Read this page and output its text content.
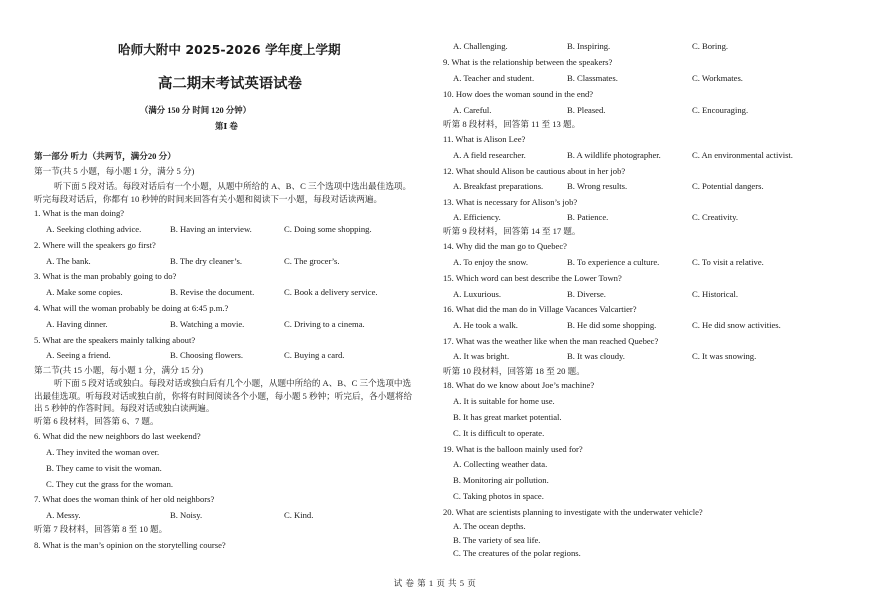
哈师大附中 2025-2026 学年度上学期
高二期末考试英语试卷
（满分 150 分 时间 120 分钟）
第Ⅰ 卷
第一部分 听力（共两节，满分20 分）
第一节(共 5 小题，每小题 1 分，满分 5 分)
听下面 5 段对话。每段对话后有一个小题，从题中所给的 A、B、C 三个选项中选出最佳选项。
听完每段对话后，你都有 10 秒钟的时间来回答有关小题和阅读下一小题，每段对话读两遍。
1. What is the man doing?
A. Seeking clothing advice.	B. Having an interview.	C. Doing some shopping.
2. Where will the speakers go first?
A. The bank.	B. The dry cleaner’s.	C. The grocer’s.
3. What is the man probably going to do?
A. Make some copies.	B. Revise the document.	C. Book a delivery service.
4. What will the woman probably be doing at 6:45 p.m.?
A. Having dinner.	B. Watching a movie.	C. Driving to a cinema.
5. What are the speakers mainly talking about?
A. Seeing a friend.	B. Choosing flowers.	C. Buying a card.
第二节(共 15 小题，每小题 1 分，满分 15 分)
听下面 5 段对话或独白。每段对话或独白后有几个小题，从题中所给的 A、B、C 三个选项中选
出最佳选项。听每段对话或独白前，你将有时间阅读各个小题，每小题 5 秒钟；听完后，各小题将给
出 5 秒钟的作答时间。每段对话或独白读两遍。
听第 6 段材料，回答第 6、7 题。
6. What did the new neighbors do last weekend?
A. They invited the woman over.
B. They came to visit the woman.
C. They cut the grass for the woman.
7. What does the woman think of her old neighbors?
A. Messy.	B. Noisy.	C. Kind.
听第 7 段材料，回答第 8 至 10 题。
8. What is the man’s opinion on the storytelling course?
A. Challenging.	B. Inspiring.	C. Boring.
9. What is the relationship between the speakers?
A. Teacher and student.	B. Classmates.	C. Workmates.
10. How does the woman sound in the end?
A. Careful.	B. Pleased.	C. Encouraging.
听第 8 段材料，回答第 11 至 13 题。
11. What is Alison Lee?
A. A field researcher.	B. A wildlife photographer.	C. An environmental activist.
12. What should Alison be cautious about in her job?
A. Breakfast preparations.	B. Wrong results.	C. Potential dangers.
13. What is necessary for Alison’s job?
A. Efficiency.	B. Patience.	C. Creativity.
听第 9 段材料，回答第 14 至 17 题。
14. Why did the man go to Quebec?
A. To enjoy the snow.	B. To experience a culture.	C. To visit a relative.
15. Which word can best describe the Lower Town?
A. Luxurious.	B. Diverse.	C. Historical.
16. What did the man do in Village Vacances Valcartier?
A. He took a walk.	B. He did some shopping.	C. He did snow activities.
17. What was the weather like when the man reached Quebec?
A. It was bright.	B. It was cloudy.	C. It was snowing.
听第 10 段材料，回答第 18 至 20 题。
18. What do we know about Joe’s machine?
A. It is suitable for home use.
B. It has great market potential.
C. It is difficult to operate.
19. What is the balloon mainly used for?
A. Collecting weather data.
B. Monitoring air pollution.
C. Taking photos in space.
20. What are scientists planning to investigate with the underwater vehicle?
A. The ocean depths.
B. The variety of sea life.
C. The creatures of the polar regions.
试 卷 第 1 页 共 5 页
